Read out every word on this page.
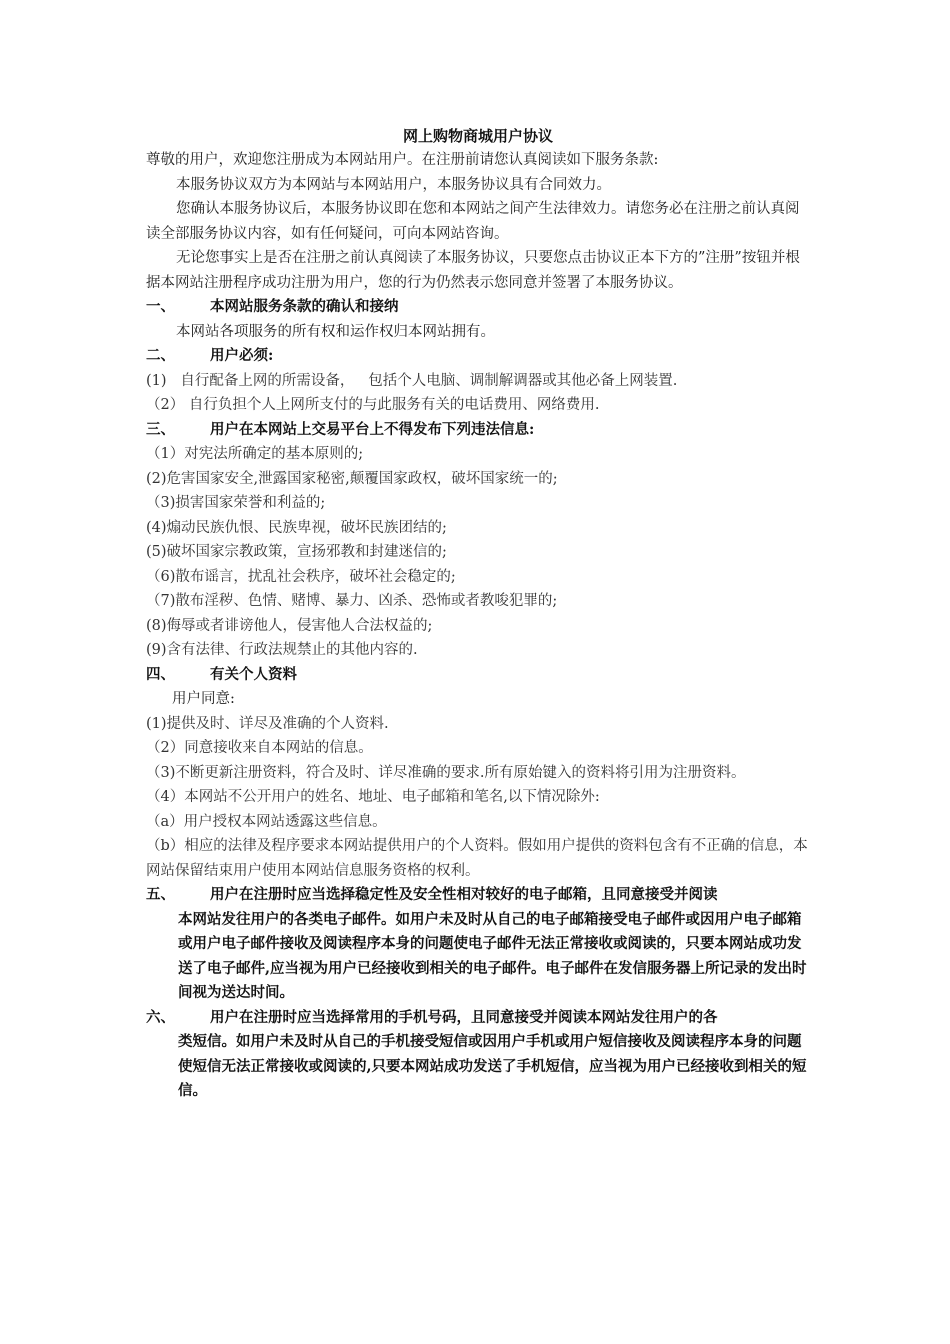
网上购物商城用户协议

尊敬的用户，欢迎您注册成为本网站用户。在注册前请您认真阅读如下服务条款:

本服务协议双方为本网站与本网站用户，本服务协议具有合同效力。

您确认本服务协议后，本服务协议即在您和本网站之间产生法律效力。请您务必在注册之前认真阅读全部服务协议内容，如有任何疑问，可向本网站咨询。

无论您事实上是否在注册之前认真阅读了本服务协议，只要您点击协议正本下方的”注册”按钮并根据本网站注册程序成功注册为用户，您的行为仍然表示您同意并签署了本服务协议。

一、	本网站服务条款的确认和接纳

本网站各项服务的所有权和运作权归本网站拥有。

二、	用户必须:
(1)   自行配备上网的所需设备，   包括个人电脑、调制解调器或其他必备上网装置.
（2） 自行负担个人上网所支付的与此服务有关的电话费用、网络费用.
三、	用户在本网站上交易平台上不得发布下列违法信息:
（1）对宪法所确定的基本原则的;
(2)危害国家安全,泄露国家秘密,颠覆国家政权，破坏国家统一的;
（3)损害国家荣誉和利益的;
(4)煽动民族仇恨、民族卑视，破坏民族团结的;
(5)破坏国家宗教政策，宣扬邪教和封建迷信的;
（6)散布谣言，扰乱社会秩序，破坏社会稳定的;
（7)散布淫秽、色情、赌博、暴力、凶杀、恐怖或者教唆犯罪的;
(8)侮辱或者诽谤他人，侵害他人合法权益的;
(9)含有法律、行政法规禁止的其他内容的.
四、	有关个人资料

用户同意:

(1)提供及时、详尽及准确的个人资料.
（2）同意接收来自本网站的信息。
（3)不断更新注册资料，符合及时、详尽准确的要求.所有原始键入的资料将引用为注册资料。
（4）本网站不公开用户的姓名、地址、电子邮箱和笔名,以下情况除外:
（a）用户授权本网站透露这些信息。
（b）相应的法律及程序要求本网站提供用户的个人资料。假如用户提供的资料包含有不正确的信息，本网站保留结束用户使用本网站信息服务资格的权利。
五、	用户在注册时应当选择稳定性及安全性相对较好的电子邮箱，且同意接受并阅读
本网站发往用户的各类电子邮件。如用户未及时从自己的电子邮箱接受电子邮件或因用户电子邮箱或用户电子邮件接收及阅读程序本身的问题使电子邮件无法正常接收或阅读的，只要本网站成功发送了电子邮件,应当视为用户已经接收到相关的电子邮件。电子邮件在发信服务器上所记录的发出时间视为送达时间。
六、	用户在注册时应当选择常用的手机号码，且同意接受并阅读本网站发往用户的各
类短信。如用户未及时从自己的手机接受短信或因用户手机或用户短信接收及阅读程序本身的问题使短信无法正常接收或阅读的,只要本网站成功发送了手机短信，应当视为用户已经接收到相关的短信。
